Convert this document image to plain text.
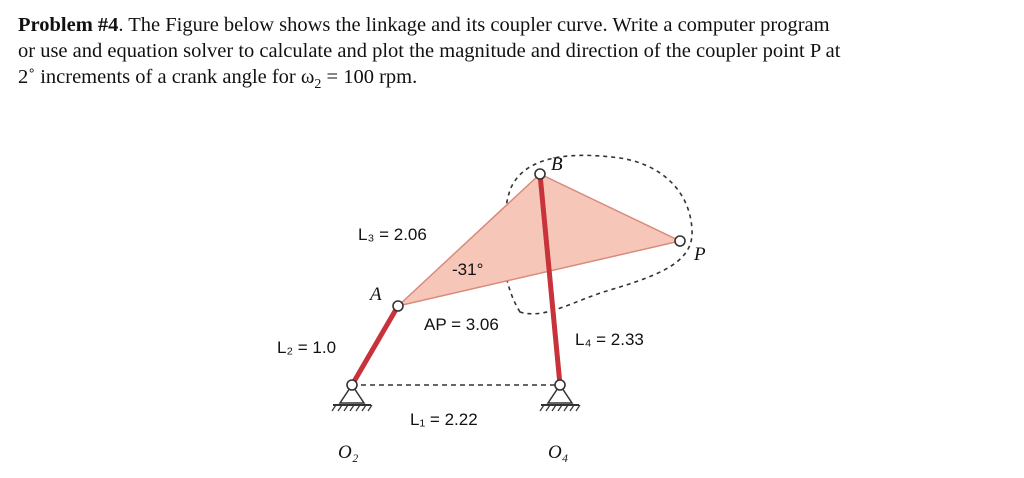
Problem #4. The Figure below shows the linkage and its coupler curve. Write a computer program
or use and equation solver to calculate and plot the magnitude and direction of the coupler point P at
2˚ increments of a crank angle for $\omega_2 = 100$ rpm.
L₃ = 2.06
-31°
A
AP = 3.06
L₂ = 1.0	L₄ = 2.33
L₁ = 2.22
O₂	O₄
B
P
